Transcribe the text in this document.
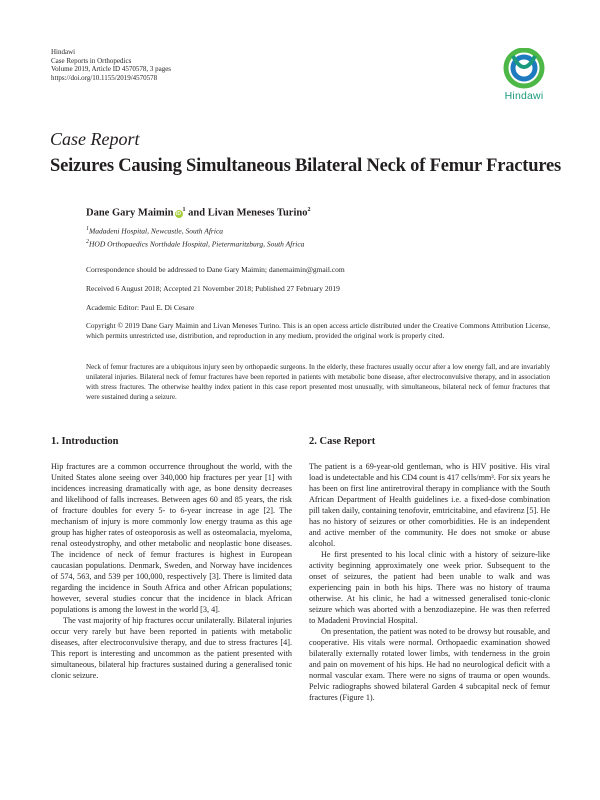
Hindawi
Case Reports in Orthopedics
Volume 2019, Article ID 4570578, 3 pages
https://doi.org/10.1155/2019/4570578
Hindawi
Case Report
Seizures Causing Simultaneous Bilateral Neck of Femur Fractures
Dane Gary Maimin $iD^1$ and Livan Meneses Turino$^2$
$^1$Madadeni Hospital, Newcastle, South Africa
$^2$HOD Orthopaedics Northdale Hospital, Pietermaritzburg, South Africa
Correspondence should be addressed to Dane Gary Maimin; danemaimin@gmail.com
Received 6 August 2018; Accepted 21 November 2018; Published 27 February 2019
Academic Editor: Paul E. Di Cesare
Copyright © 2019 Dane Gary Maimin and Livan Meneses Turino. This is an open access article distributed under the Creative Commons Attribution License, which permits unrestricted use, distribution, and reproduction in any medium, provided the original work is properly cited.
Neck of femur fractures are a ubiquitous injury seen by orthopaedic surgeons. In the elderly, these fractures usually occur after a low energy fall, and are invariably unilateral injuries. Bilateral neck of femur fractures have been reported in patients with metabolic bone disease, after electroconvulsive therapy, and in association with stress fractures. The otherwise healthy index patient in this case report presented most unusually, with simultaneous, bilateral neck of femur fractures that were sustained during a seizure.
1. Introduction	2. Case Report

Hip fractures are a common occurrence throughout the world, with the United States alone seeing over 340,000 hip fractures per year [1] with incidences increasing dramatically with age, as bone density decreases and likelihood of falls increases. Between ages 60 and 85 years, the risk of fracture doubles for every 5- to 6-year increase in age [2]. The mechanism of injury is more commonly low energy trauma as this age group has higher rates of osteoporosis as well as osteomalacia, myeloma, renal osteodystrophy, and other metabolic and neoplastic bone diseases. The incidence of neck of femur fractures is highest in European caucasian populations. Denmark, Sweden, and Norway have incidences of 574, 563, and 539 per 100,000, respectively [3]. There is limited data regarding the incidence in South Africa and other African populations; however, several studies concur that the incidence in black African populations is among the lowest in the world [3, 4].

The vast majority of hip fractures occur unilaterally. Bilateral injuries occur very rarely but have been reported in patients with metabolic diseases, after electroconvulsive therapy, and due to stress fractures [4]. This report is interesting and uncommon as the patient presented with simultaneous, bilateral hip fractures sustained during a generalised tonic clonic seizure.

The patient is a 69-year-old gentleman, who is HIV positive. His viral load is undetectable and his CD4 count is 417 cells/mm³. For six years he has been on first line antiretroviral therapy in compliance with the South African Department of Health guidelines i.e. a fixed-dose combination pill taken daily, containing tenofovir, emtricitabine, and efavirenz [5]. He has no history of seizures or other comorbidities. He is an independent and active member of the community. He does not smoke or abuse alcohol.

He first presented to his local clinic with a history of seizure-like activity beginning approximately one week prior. Subsequent to the onset of seizures, the patient had been unable to walk and was experiencing pain in both his hips. There was no history of trauma otherwise. At his clinic, he had a witnessed generalised tonic-clonic seizure which was aborted with a benzodiazepine. He was then referred to Madadeni Provincial Hospital.

On presentation, the patient was noted to be drowsy but rousable, and cooperative. His vitals were normal. Orthopaedic examination showed bilaterally externally rotated lower limbs, with tenderness in the groin and pain on movement of his hips. He had no neurological deficit with a normal vascular exam. There were no signs of trauma or open wounds. Pelvic radiographs showed bilateral Garden 4 subcapital neck of femur fractures (Figure 1).
